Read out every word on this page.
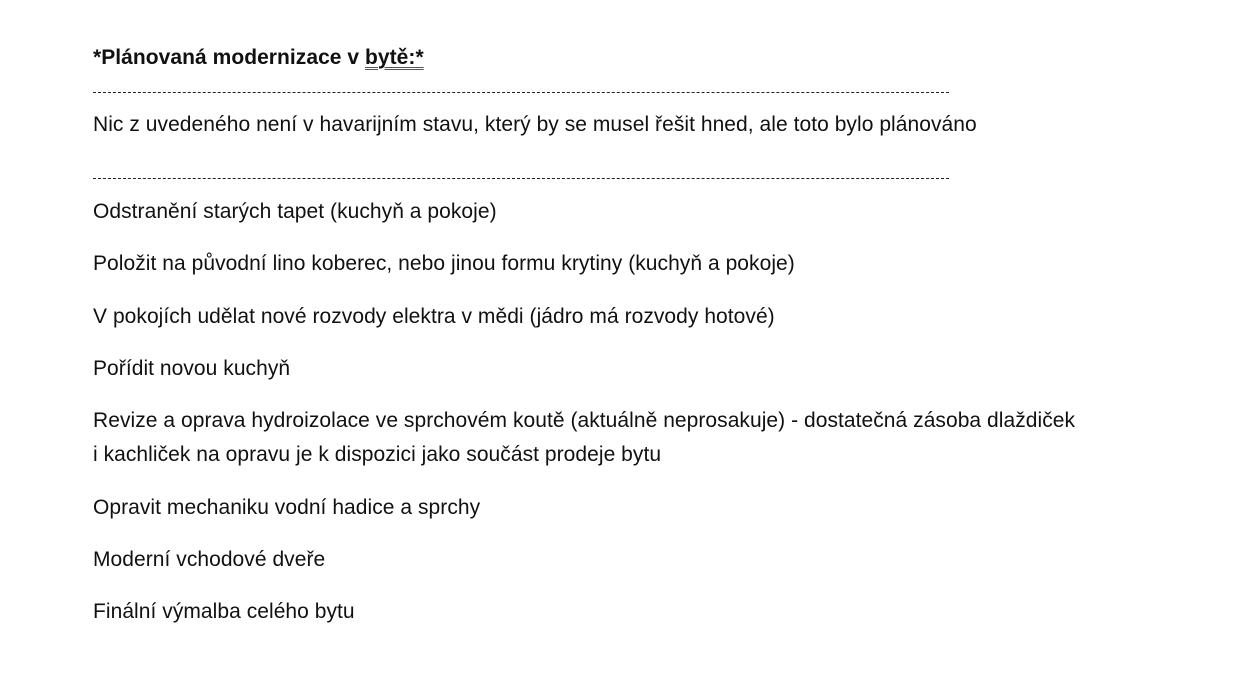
*Plánovaná modernizace v bytě:*
Nic z uvedeného není v havarijním stavu, který by se musel řešit hned, ale toto bylo plánováno
Odstranění starých tapet (kuchyň a pokoje)
Položit na původní lino koberec, nebo jinou formu krytiny (kuchyň a pokoje)
V pokojích udělat nové rozvody elektra v mědi (jádro má rozvody hotové)
Pořídit novou kuchyň
Revize a oprava hydroizolace ve sprchovém koutě (aktuálně neprosakuje) - dostatečná zásoba dlaždiček i kachliček na opravu je k dispozici jako součást prodeje bytu
Opravit mechaniku vodní hadice a sprchy
Moderní vchodové dveře
Finální výmalba celého bytu
